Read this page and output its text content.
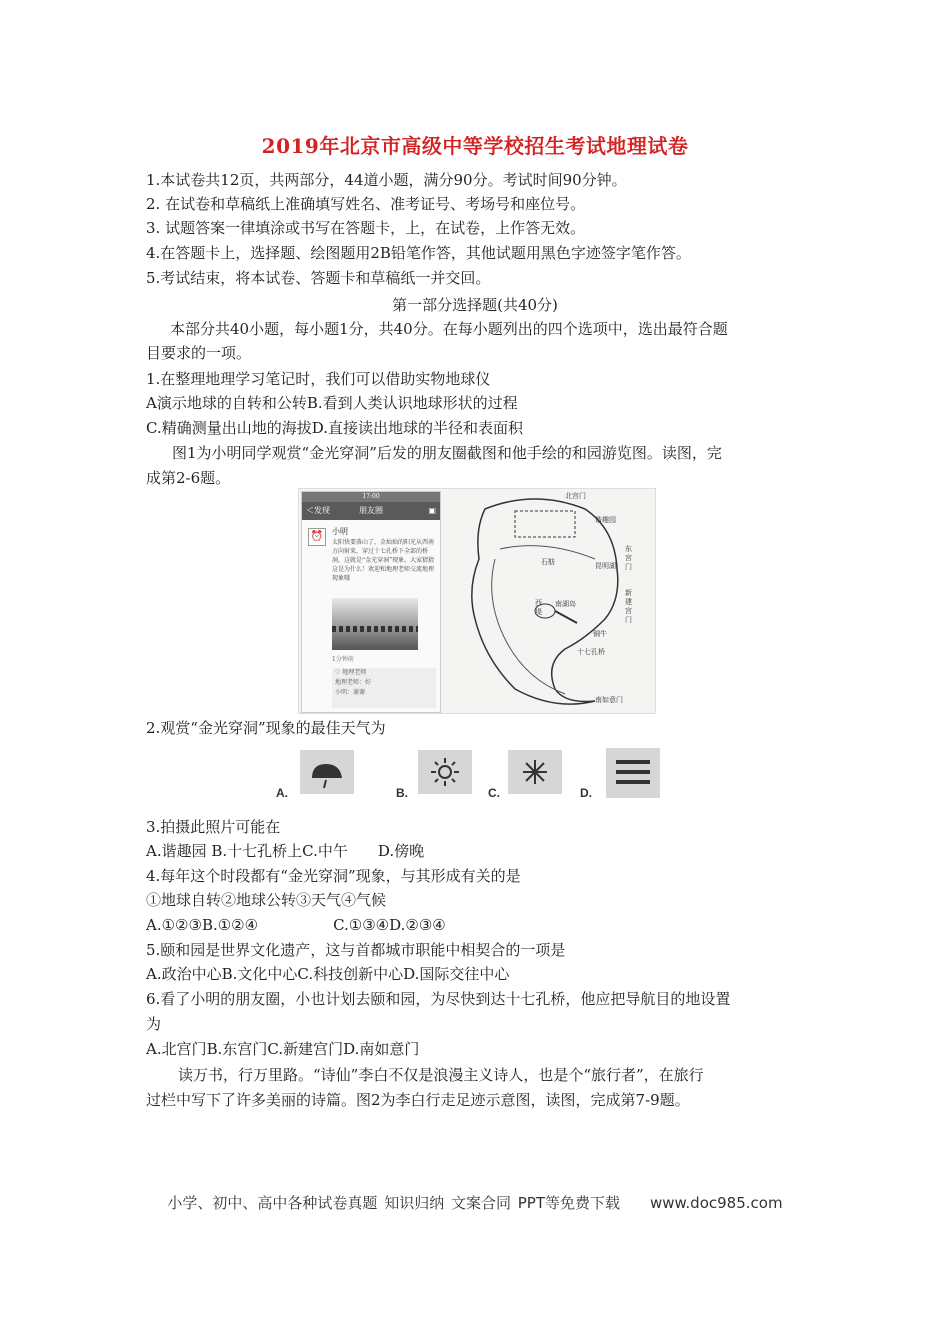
2019年北京市高级中等学校招生考试地理试卷
1.本试卷共12页，共两部分，44道小题，满分90分。考试时间90分钟。
2. 在试卷和草稿纸上准确填写姓名、准考证号、考场号和座位号。
3. 试题答案一律填涂或书写在答题卡，上，在试卷，上作答无效。
4.在答题卡上，选择题、绘图题用2B铅笔作答，其他试题用黑色字迹签字笔作答。
5.考试结束，将本试卷、答题卡和草稿纸一并交回。
第一部分选择题(共40分)
本部分共40小题，每小题1分，共40分。在每小题列出的四个选项中，选出最符合题
目要求的一项。
1.在整理地理学习笔记时，我们可以借助实物地球仪
A演示地球的自转和公转B.看到人类认识地球形状的过程
C.精确测量出山地的海拔D.直接读出地球的半径和表面积
图1为小明同学观赏“金光穿洞”后发的朋友圈截图和他手绘的和园游览图。读图，完
成第2-6题。
17:00
＜发现	朋友圈	▣
⏰	小明
太阳快要落山了，金灿灿的阳光从西南方向射来，穿过十七孔桥下全部的桥洞，这就是“金光穿洞”现象。大家猜猜这是为什么！欢迎和地理老师交流地理现象哦
1分钟前
♡ 地理老师
地理老师：好
小明：谢谢
北宫门
谐趣园
东宫门
石舫	昆明湖
新建宫门
南湖岛
铜牛
西堤
十七孔桥
南如意门
2.观赏“金光穿洞”现象的最佳天气为
A.	B.	C.	D.
3.拍摄此照片可能在
A.谐趣园 B.十七孔桥上C.中午　　D.傍晚
4.每年这个时段都有“金光穿洞”现象，与其形成有关的是
①地球自转②地球公转③天气④气候
A.①②③B.①②④　　　　　C.①③④D.②③④
5.颐和园是世界文化遗产，这与首都城市职能中相契合的一项是
A.政治中心B.文化中心C.科技创新中心D.国际交往中心
6.看了小明的朋友圈，小也计划去颐和园，为尽快到达十七孔桥，他应把导航目的地设置
为
A.北宫门B.东宫门C.新建宫门D.南如意门
读万书，行万里路。“诗仙”李白不仅是浪漫主义诗人，也是个“旅行者”，在旅行
过栏中写下了许多美丽的诗篇。图2为李白行走足迹示意图，读图，完成第7-9题。
小学、初中、高中各种试卷真题 知识归纳 文案合同 PPT等免费下载　　www.doc985.com
